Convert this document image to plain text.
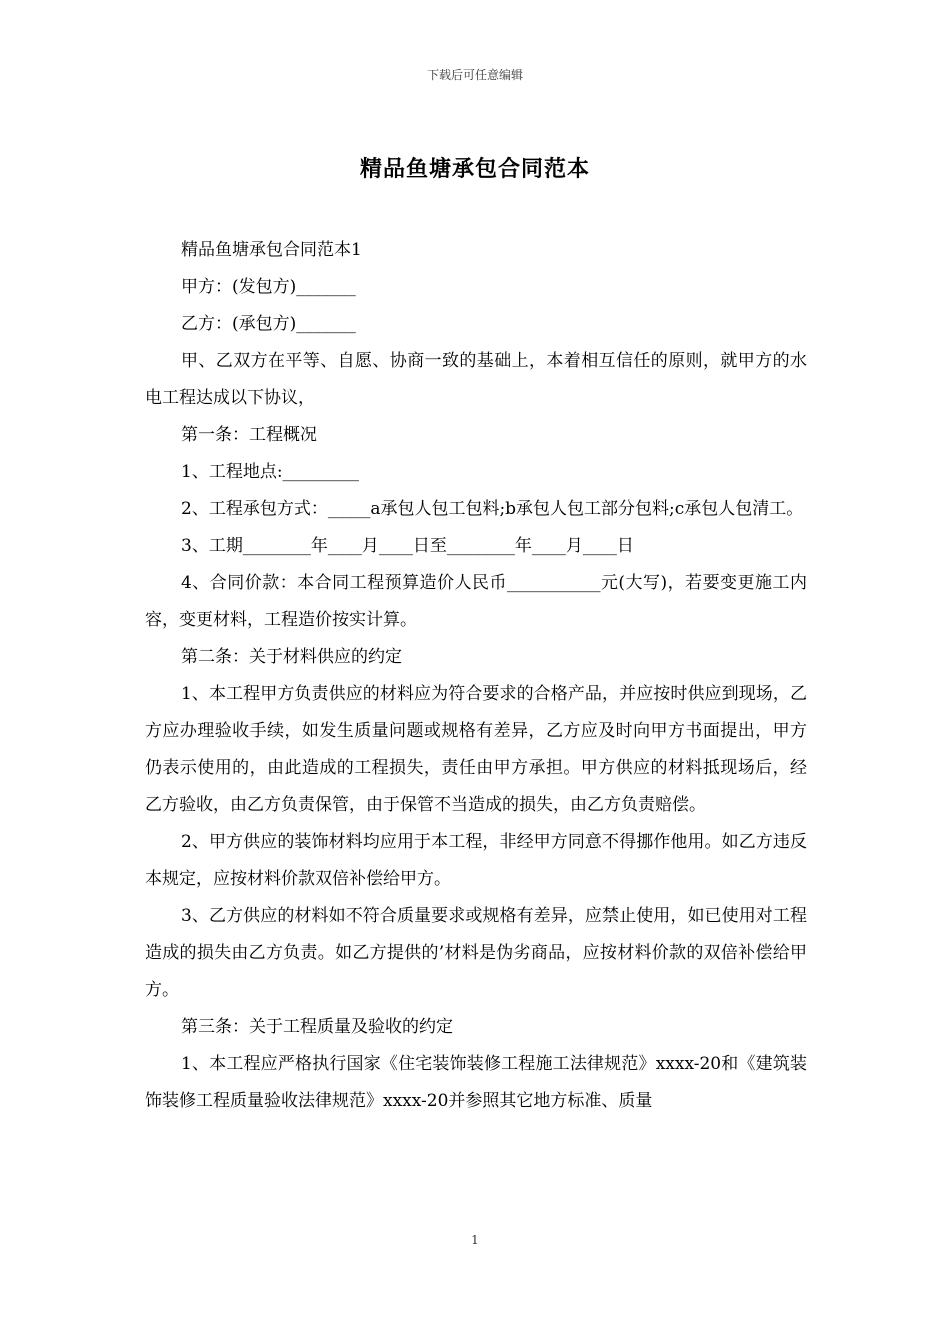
下载后可任意编辑
精品鱼塘承包合同范本

精品鱼塘承包合同范本1

甲方：(发包方)_______

乙方：(承包方)_______

甲、乙双方在平等、自愿、协商一致的基础上，本着相互信任的原则，就甲方的水电工程达成以下协议，

第一条：工程概况

1、工程地点:_________

2、工程承包方式：_____a承包人包工包料;b承包人包工部分包料;c承包人包清工。

3、工期________年____月____日至________年____月____日

4、合同价款：本合同工程预算造价人民币___________元(大写)，若要变更施工内容，变更材料，工程造价按实计算。

第二条：关于材料供应的约定

1、本工程甲方负责供应的材料应为符合要求的合格产品，并应按时供应到现场，乙方应办理验收手续，如发生质量问题或规格有差异，乙方应及时向甲方书面提出，甲方仍表示使用的，由此造成的工程损失，责任由甲方承担。甲方供应的材料抵现场后，经乙方验收，由乙方负责保管，由于保管不当造成的损失，由乙方负责赔偿。

2、甲方供应的装饰材料均应用于本工程，非经甲方同意不得挪作他用。如乙方违反本规定，应按材料价款双倍补偿给甲方。

3、乙方供应的材料如不符合质量要求或规格有差异，应禁止使用，如已使用对工程造成的损失由乙方负责。如乙方提供的’材料是伪劣商品，应按材料价款的双倍补偿给甲方。

第三条：关于工程质量及验收的约定

1、本工程应严格执行国家《住宅装饰装修工程施工法律规范》xxxx-20和《建筑装饰装修工程质量验收法律规范》xxxx-20并参照其它地方标准、质量

1
